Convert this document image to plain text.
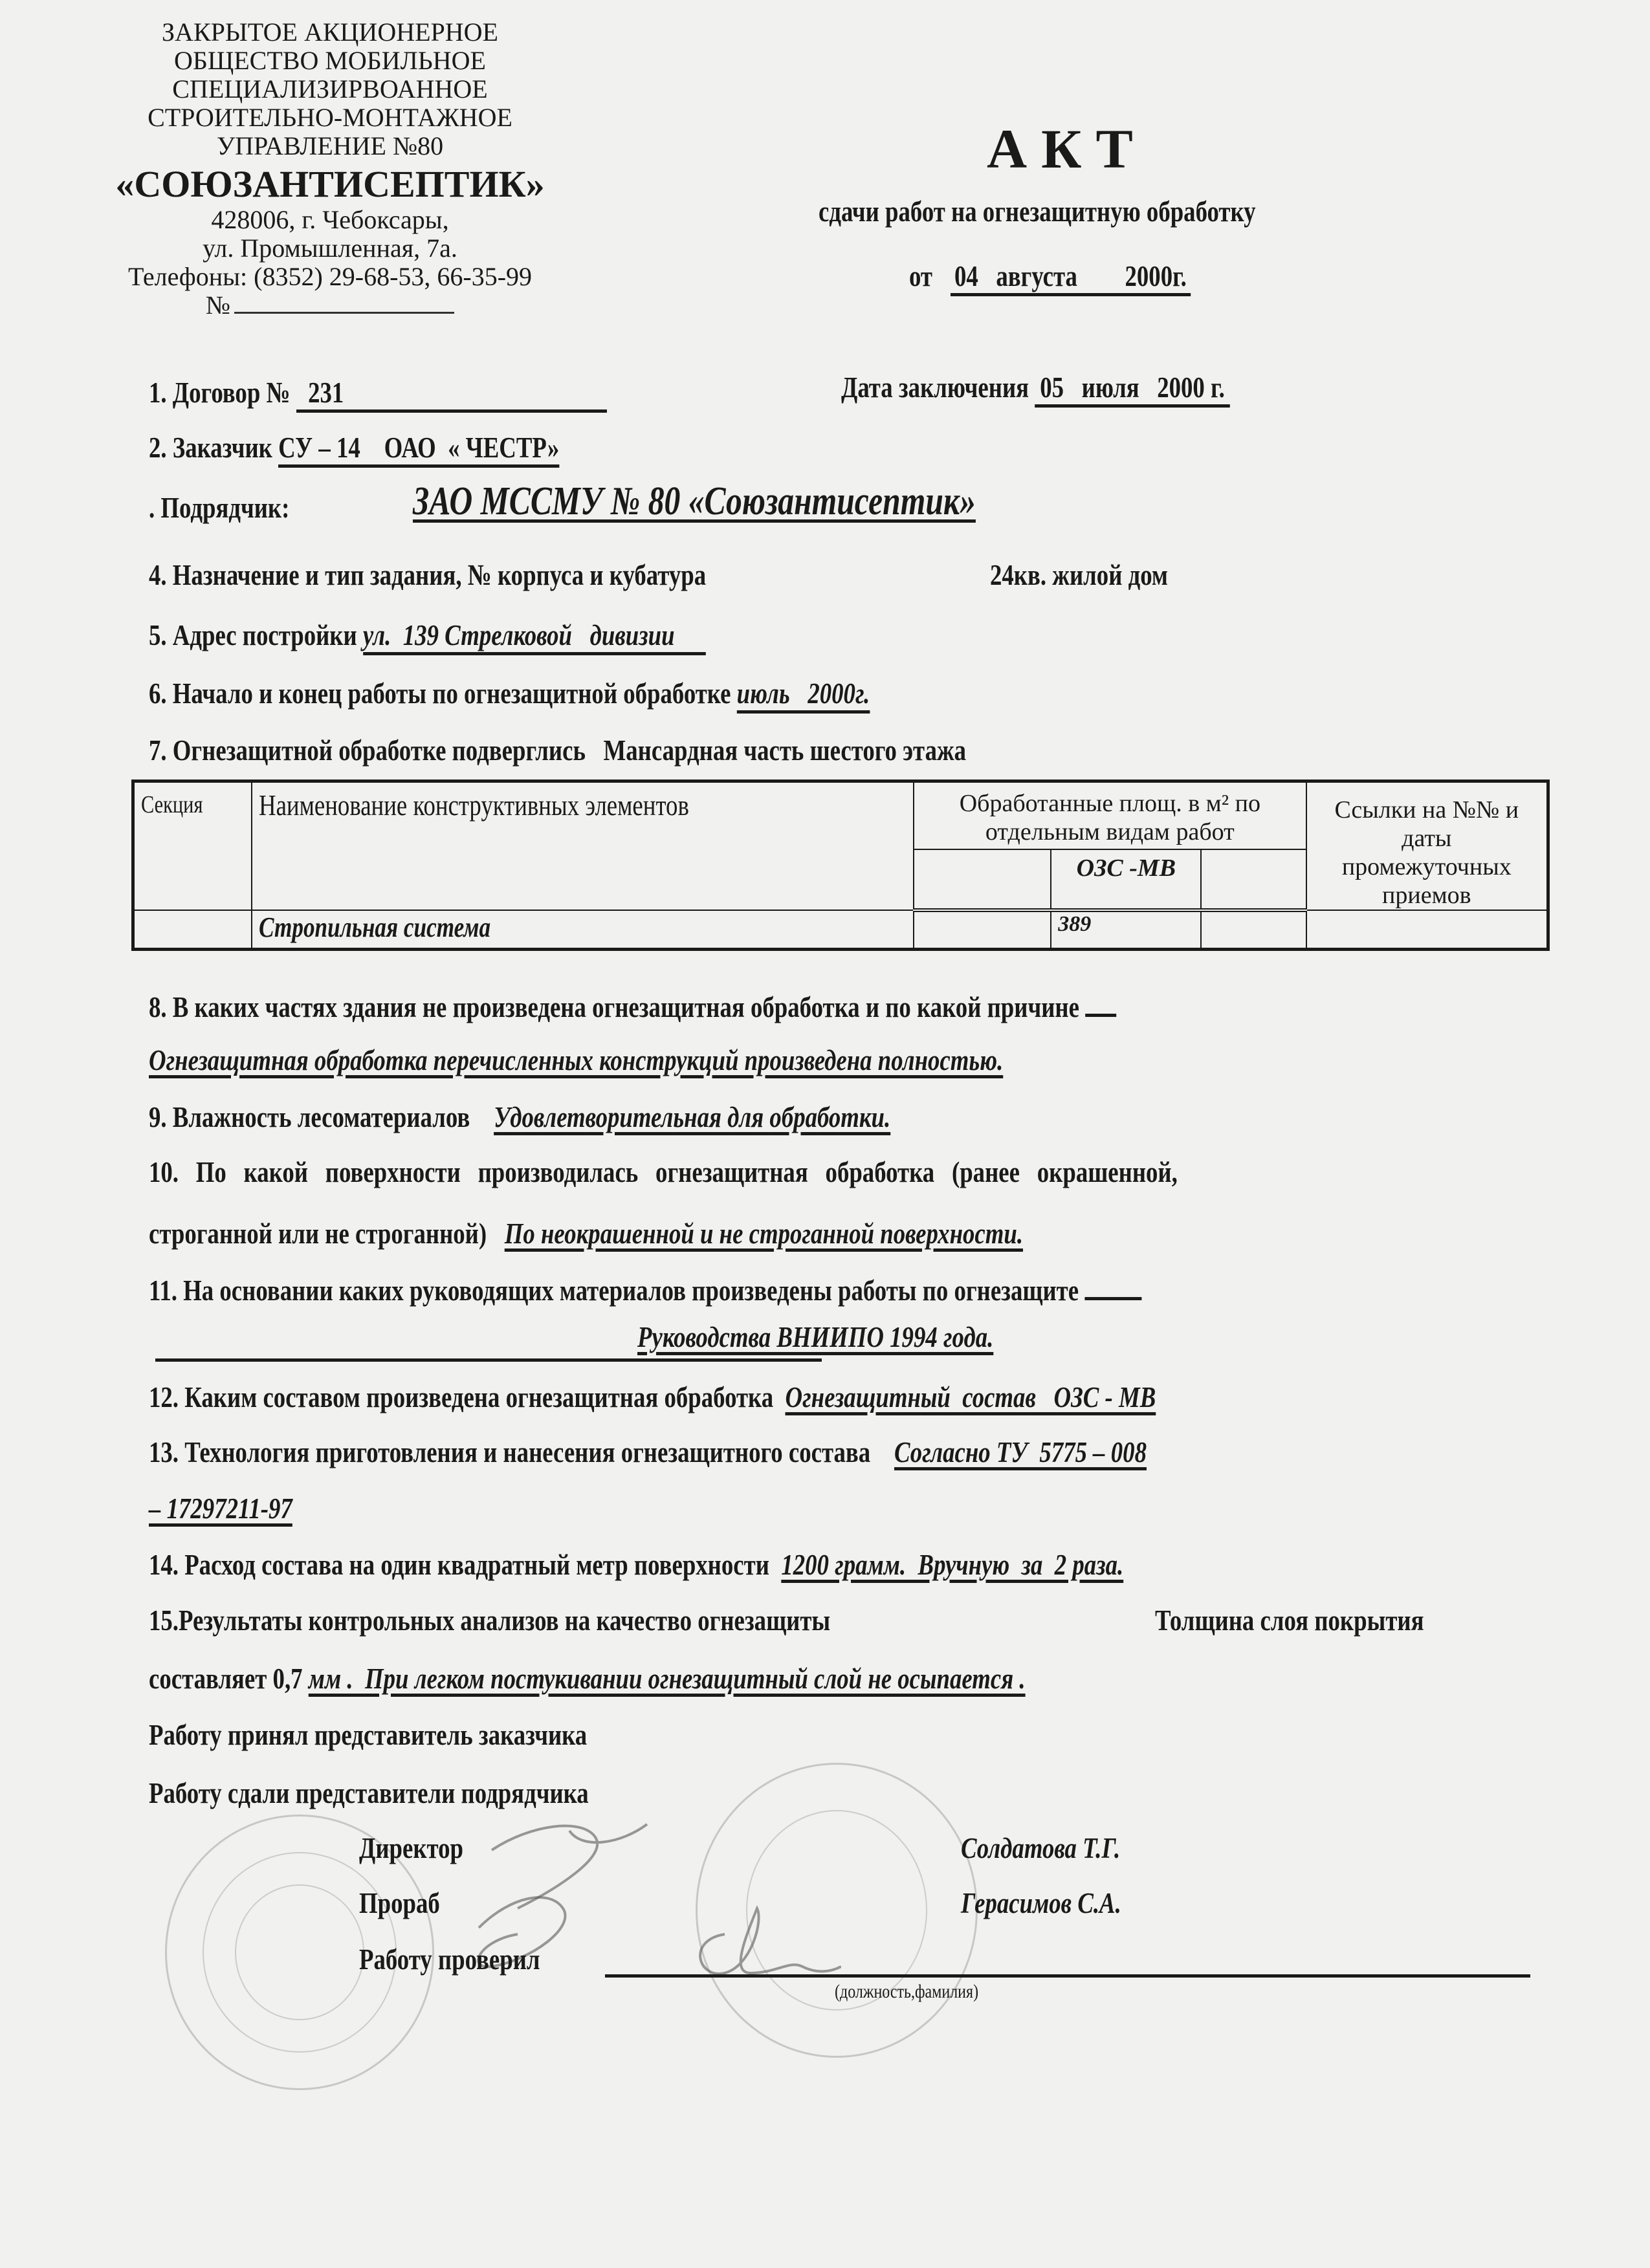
ЗАКРЫТОЕ АКЦИОНЕРНОЕ
ОБЩЕСТВО МОБИЛЬНОЕ
СПЕЦИАЛИЗИРВОАННОЕ
СТРОИТЕЛЬНО-МОНТАЖНОЕ
УПРАВЛЕНИЕ №80
«СОЮЗАНТИСЕПТИК»
428006, г. Чебоксары,
ул. Промышленная, 7а.
Телефоны: (8352) 29-68-53, 66-35-99
№
АКТ
сдачи работ на огнезащитную обработку
от 04   августа        2000г.
1. Договор № 231	Дата заключения 05   июля   2000 г.
2. Заказчик СУ – 14    ОАО  « ЧЕСТР»
. Подрядчик:	ЗАО МССМУ № 80 «Союзантисептик»
4. Назначение и тип задания, № корпуса и кубатура	24кв. жилой дом
5. Адрес постройки ул.  139 Стрелковой   дивизии
6. Начало и конец работы по огнезащитной обработке июль   2000г.
7. Огнезащитной обработке подверглись Мансардная часть шестого этажа
Секция	Наименование конструктивных элементов	Обработанные площ. в м² по отдельным видам работ			Ссылки на №№ и даты промежуточных приемов
			ОЗС -МВ		
	Стропильная система		389		
8. В каких частях здания не произведена огнезащитная обработка и по какой причине
Огнезащитная обработка перечисленных конструкций произведена полностью.
9. Влажность лесоматериалов Удовлетворительная для обработки.
10. По какой поверхности производилась огнезащитная обработка (ранее окрашенной,
строганной или не строганной) По неокрашенной и не строганной поверхности.
11. На основании каких руководящих материалов произведены работы по огнезащите
Руководства ВНИИПО 1994 года.
12. Каким составом произведена огнезащитная обработка Огнезащитный  состав   ОЗС - МВ
13. Технология приготовления и нанесения огнезащитного состава Согласно ТУ  5775 – 008
– 17297211-97
14. Расход состава на один квадратный метр поверхности 1200 грамм.  Вручную  за  2 раза.
15.Результаты контрольных анализов на качество огнезащиты	Толщина слоя покрытия
составляет 0,7 мм .  При легком постукивании огнезащитный слой не осыпается .
Работу принял представитель заказчика
Работу сдали представители подрядчика
Директор	Солдатова Т.Г.
Прораб	Герасимов С.А.
Работу проверил
(должность,фамилия)
